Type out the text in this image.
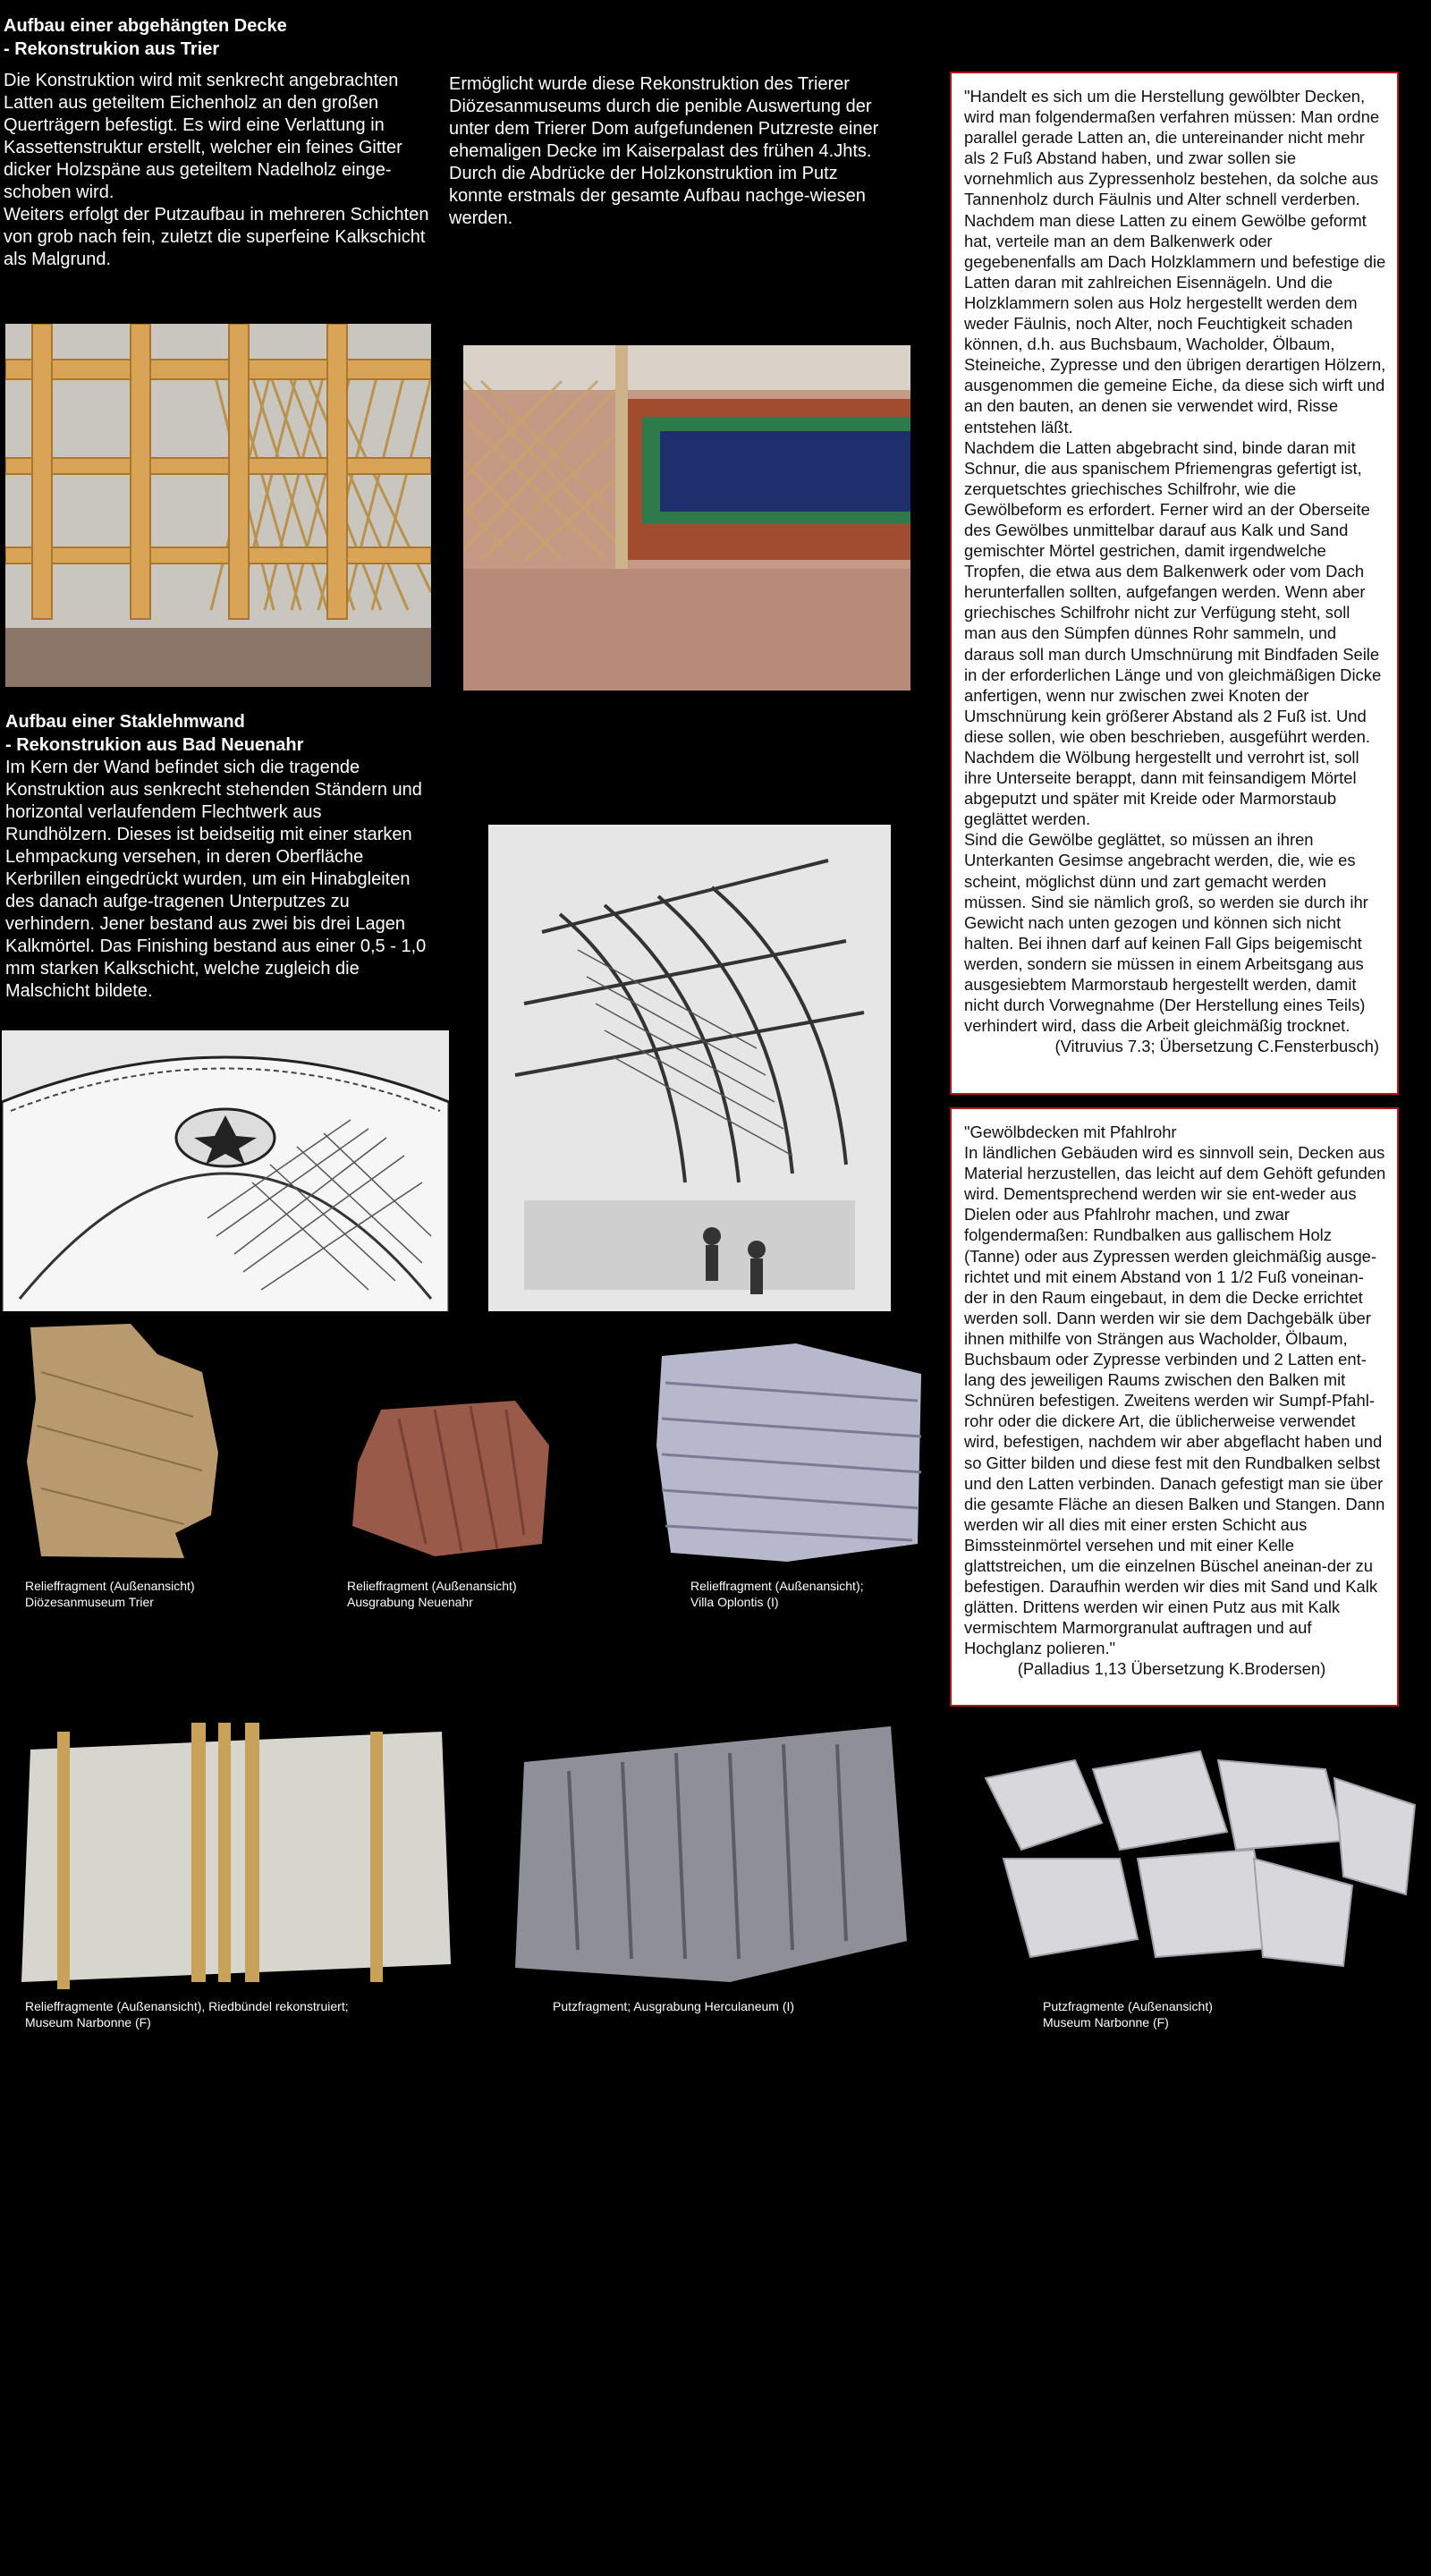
Aufbau einer abgehängten Decke
- Rekonstrukion aus Trier
Die Konstruktion wird mit senkrecht angebrachten Latten aus geteiltem Eichenholz an den großen Querträgern befestigt. Es wird eine Verlattung in Kassettenstruktur erstellt, welcher ein feines Gitter dicker Holzspäne aus geteiltem Nadelholz einge-schoben wird.
Weiters erfolgt der Putzaufbau in mehreren Schichten von grob nach fein, zuletzt die superfeine Kalkschicht als Malgrund.
Ermöglicht wurde diese Rekonstruktion des Trierer Diözesanmuseums durch die penible Auswertung der unter dem Trierer Dom aufgefundenen Putzreste einer ehemaligen Decke im Kaiserpalast des frühen 4.Jhts. Durch die Abdrücke der Holzkonstruktion im Putz konnte erstmals der gesamte Aufbau nachge-wiesen werden.
Aufbau einer Staklehmwand
- Rekonstrukion aus Bad Neuenahr
Im Kern der Wand befindet sich die tragende Konstruktion aus senkrecht stehenden Ständern und horizontal verlaufendem Flechtwerk aus Rundhölzern. Dieses ist beidseitig mit einer starken Lehmpackung versehen, in deren Oberfläche Kerbrillen eingedrückt wurden, um ein Hinabgleiten des danach aufge-tragenen Unterputzes zu verhindern. Jener bestand aus zwei bis drei Lagen Kalkmörtel. Das Finishing bestand aus einer 0,5 - 1,0 mm starken Kalkschicht, welche zugleich die Malschicht bildete.
"Handelt es sich um die Herstellung gewölbter Decken, wird man folgendermaßen verfahren müssen: Man ordne parallel gerade Latten an, die untereinander nicht mehr als 2 Fuß Abstand haben, und zwar sollen sie vornehmlich aus Zypressenholz bestehen, da solche aus Tannenholz durch Fäulnis und Alter schnell verderben. Nachdem man diese Latten zu einem Gewölbe geformt hat, verteile man an dem Balkenwerk oder gegebenenfalls am Dach Holzklammern und befestige die Latten daran mit zahlreichen Eisennägeln. Und die Holzklammern solen aus Holz hergestellt werden dem weder Fäulnis, noch Alter, noch Feuchtigkeit schaden können, d.h. aus Buchsbaum, Wacholder, Ölbaum, Steineiche, Zypresse und den übrigen derartigen Hölzern, ausgenommen die gemeine Eiche, da diese sich wirft und an den bauten, an denen sie verwendet wird, Risse entstehen läßt.
Nachdem die Latten abgebracht sind, binde daran mit Schnur, die aus spanischem Pfriemengras gefertigt ist, zerquetschtes griechisches Schilfrohr, wie die Gewölbeform es erfordert. Ferner wird an der Oberseite des Gewölbes unmittelbar darauf aus Kalk und Sand gemischter Mörtel gestrichen, damit irgendwelche Tropfen, die etwa aus dem Balkenwerk oder vom Dach herunterfallen sollten, aufgefangen werden. Wenn aber griechisches Schilfrohr nicht zur Verfügung steht, soll man aus den Sümpfen dünnes Rohr sammeln, und daraus soll man durch Umschnürung mit Bindfaden Seile in der erforderlichen Länge und von gleichmäßigen Dicke anfertigen, wenn nur zwischen zwei Knoten der Umschnürung kein größerer Abstand als 2 Fuß ist. Und diese sollen, wie oben beschrieben, ausgeführt werden. Nachdem die Wölbung hergestellt und verrohrt ist, soll ihre Unterseite berappt, dann mit feinsandigem Mörtel abgeputzt und später mit Kreide oder Marmorstaub geglättet werden.
Sind die Gewölbe geglättet, so müssen an ihren Unterkanten Gesimse angebracht werden, die, wie es scheint, möglichst dünn und zart gemacht werden müssen. Sind sie nämlich groß, so werden sie durch ihr Gewicht nach unten gezogen und können sich nicht halten. Bei ihnen darf auf keinen Fall Gips beigemischt werden, sondern sie müssen in einem Arbeitsgang aus ausgesiebtem Marmorstaub hergestellt werden, damit nicht durch Vorwegnahme (Der Herstellung eines Teils) verhindert wird, dass die Arbeit gleichmäßig trocknet.
(Vitruvius 7.3; Übersetzung C.Fensterbusch)
"Gewölbdecken mit Pfahlrohr
In ländlichen Gebäuden wird es sinnvoll sein, Decken aus Material herzustellen, das leicht auf dem Gehöft gefunden wird. Dementsprechend werden wir sie ent-weder aus Dielen oder aus Pfahlrohr machen, und zwar folgendermaßen: Rundbalken aus gallischem Holz (Tanne) oder aus Zypressen werden gleichmäßig ausge-richtet und mit einem Abstand von 1 1/2 Fuß voneinan-der in den Raum eingebaut, in dem die Decke errichtet werden soll. Dann werden wir sie dem Dachgebälk über ihnen mithilfe von Strängen aus Wacholder, Ölbaum, Buchsbaum oder Zypresse verbinden und 2 Latten ent-lang des jeweiligen Raums zwischen den Balken mit Schnüren befestigen. Zweitens werden wir Sumpf-Pfahl-rohr oder die dickere Art, die üblicherweise verwendet wird, befestigen, nachdem wir aber abgeflacht haben und so Gitter bilden und diese fest mit den Rundbalken selbst und den Latten verbinden. Danach gefestigt man sie über die gesamte Fläche an diesen Balken und Stangen. Dann werden wir all dies mit einer ersten Schicht aus Bimssteinmörtel versehen und mit einer Kelle glattstreichen, um die einzelnen Büschel aneinan-der zu befestigen. Daraufhin werden wir dies mit Sand und Kalk glätten. Drittens werden wir einen Putz aus mit Kalk vermischtem Marmorgranulat auftragen und auf Hochglanz polieren."
(Palladius 1,13 Übersetzung K.Brodersen)
Relieffragment (Außenansicht)
Diözesanmuseum Trier
Relieffragment (Außenansicht)
Ausgrabung Neuenahr
Relieffragment (Außenansicht);
Villa Oplontis (I)
Relieffragmente (Außenansicht), Riedbündel rekonstruiert;
Museum Narbonne (F)
Putzfragment; Ausgrabung Herculaneum (I)	Putzfragmente (Außenansicht)
Museum Narbonne (F)
